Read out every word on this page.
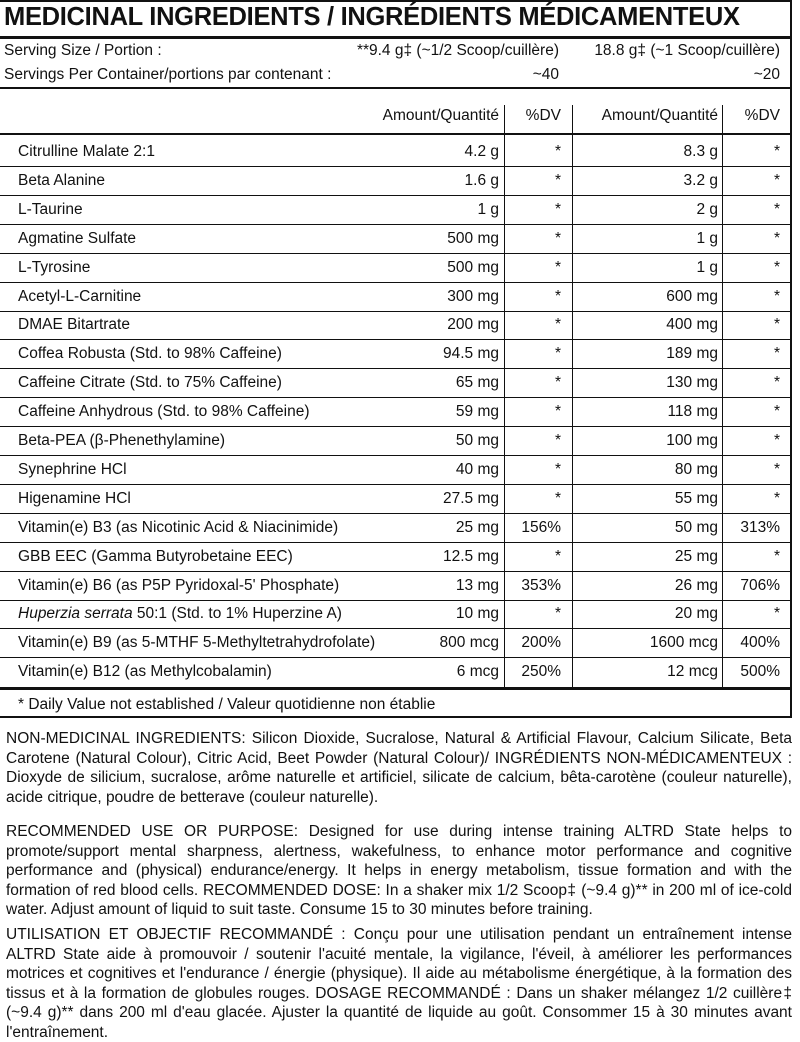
MEDICINAL INGREDIENTS / INGRÉDIENTS MÉDICAMENTEUX
Serving Size / Portion :	**9.4 g‡ (~1/2 Scoop/cuillère) 18.8 g‡ (~1 Scoop/cuillère)
Servings Per Container/portions par contenant :	~40	~20
Amount/Quantité %DV	Amount/Quantité %DV
Citrulline Malate 2:1	4.2 g	*	8.3 g	*
Beta Alanine	1.6 g	*	3.2 g	*
L-Taurine	1 g	*	2 g	*
Agmatine Sulfate	500 mg	*	1 g	*
L-Tyrosine	500 mg	*	1 g	*
Acetyl-L-Carnitine	300 mg	*	600 mg	*
DMAE Bitartrate	200 mg	*	400 mg	*
Coffea Robusta (Std. to 98% Caffeine)	94.5 mg	*	189 mg	*
Caffeine Citrate (Std. to 75% Caffeine)	65 mg	*	130 mg	*
Caffeine Anhydrous (Std. to 98% Caffeine)	59 mg	*	118 mg	*
Beta-PEA (β-Phenethylamine)	50 mg	*	100 mg	*
Synephrine HCl	40 mg	*	80 mg	*
Higenamine HCl	27.5 mg	*	55 mg	*
Vitamin(e) B3 (as Nicotinic Acid & Niacinimide)	25 mg 156%	50 mg 313%
GBB EEC (Gamma Butyrobetaine EEC)	12.5 mg	*	25 mg	*
Vitamin(e) B6 (as P5P Pyridoxal-5' Phosphate)	13 mg 353%	26 mg 706%
Huperzia serrata 50:1 (Std. to 1% Huperzine A)	10 mg	*	20 mg	*
Vitamin(e) B9 (as 5-MTHF 5-Methyltetrahydrofolate)	800 mcg 200%	1600 mcg 400%
Vitamin(e) B12 (as Methylcobalamin)	6 mcg 250%	12 mcg 500%
* Daily Value not established / Valeur quotidienne non établie
NON-MEDICINAL INGREDIENTS: Silicon Dioxide, Sucralose, Natural & Artificial Flavour, Calcium Silicate, Beta Carotene (Natural Colour), Citric Acid, Beet Powder (Natural Colour)/ INGRÉDIENTS NON-MÉDICAMENTEUX : Dioxyde de silicium, sucralose, arôme naturelle et artificiel, silicate de calcium, bêta-carotène (couleur naturelle), acide citrique, poudre de betterave (couleur naturelle).
RECOMMENDED USE OR PURPOSE: Designed for use during intense training ALTRD State helps to promote/support mental sharpness, alertness, wakefulness, to enhance motor performance and cognitive performance and (physical) endurance/energy. It helps in energy metabolism, tissue formation and with the formation of red blood cells. RECOMMENDED DOSE: In a shaker mix 1/2 Scoop‡ (~9.4 g)** in 200 ml of ice-cold water. Adjust amount of liquid to suit taste. Consume 15 to 30 minutes before training.
UTILISATION ET OBJECTIF RECOMMANDÉ : Conçu pour une utilisation pendant un entraînement intense ALTRD State aide à promouvoir / soutenir l'acuité mentale, la vigilance, l'éveil, à améliorer les performances motrices et cognitives et l'endurance / énergie (physique). Il aide au métabolisme énergétique, à la formation des tissus et à la formation de globules rouges. DOSAGE RECOMMANDÉ : Dans un shaker mélangez 1/2 cuillère‡ (~9.4 g)** dans 200 ml d'eau glacée. Ajuster la quantité de liquide au goût. Consommer 15 à 30 minutes avant l'entraînement.
